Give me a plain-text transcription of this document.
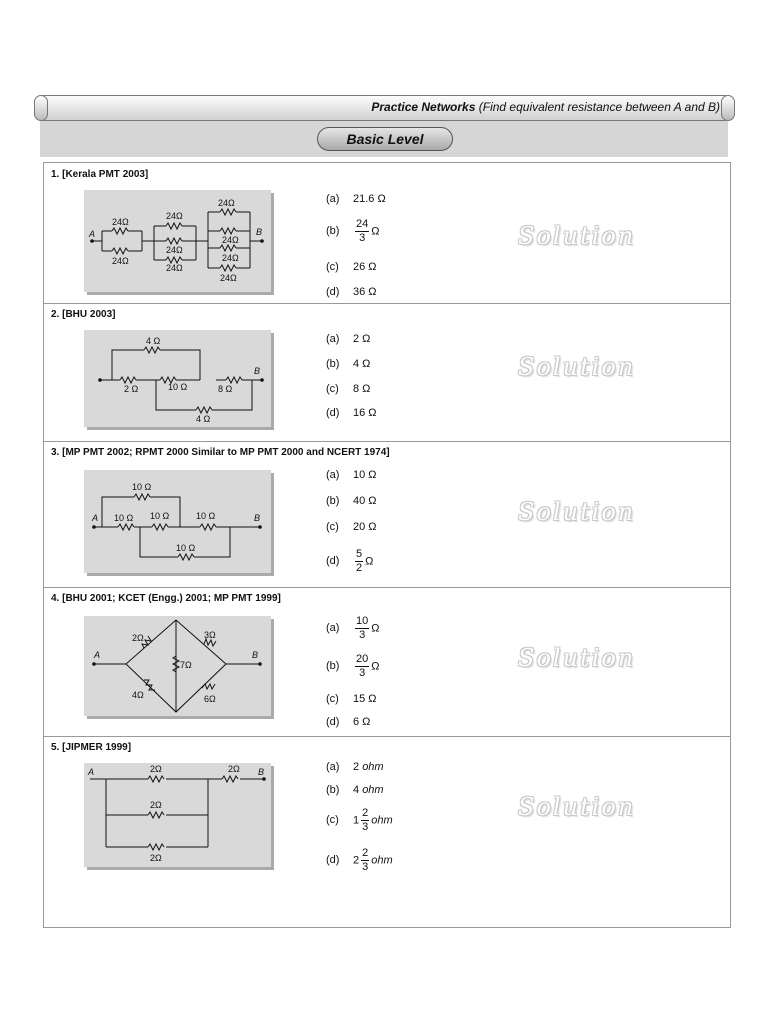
Practice Networks (Find equivalent resistance between A and B)
Basic Level
1. [Kerala PMT 2003]
A	B
24Ω
24Ω
24Ω
24Ω
24Ω
24Ω
24Ω
24Ω
24Ω
(a) 21.6 Ω
$(b) \frac{24}{3}$ Ω
(c) 26 Ω
(d) 36 Ω
Solution
2. [BHU 2003]
B
4 Ω
2 Ω	10 Ω	8 Ω
4 Ω
(a) 2 Ω
(b) 4 Ω
(c) 8 Ω
(d) 16 Ω
Solution
3. [MP PMT 2002; RPMT 2000 Similar to MP PMT 2000 and NCERT 1974]
A	B
10 Ω
10 Ω 10 Ω	10 Ω
10 Ω
(a) 10 Ω
(b) 40 Ω
(c) 20 Ω
$(d) \frac{5}{2}$ Ω
Solution
4. [BHU 2001; KCET (Engg.) 2001; MP PMT 1999]
A	B
2Ω	3Ω
7Ω
4Ω	6Ω
$(a) \frac{10}{3}$ Ω
$(b) \frac{20}{3}$ Ω
(c) 15 Ω
(d) 6 Ω
Solution
5. [JIPMER 1999]
A	B
2Ω	2Ω
2Ω
2Ω
(a) 2 ohm
(b) 4 ohm
(c) $1 \frac{2}{3}$ ohm
(d) $2 \frac{2}{3}$ ohm
Solution
